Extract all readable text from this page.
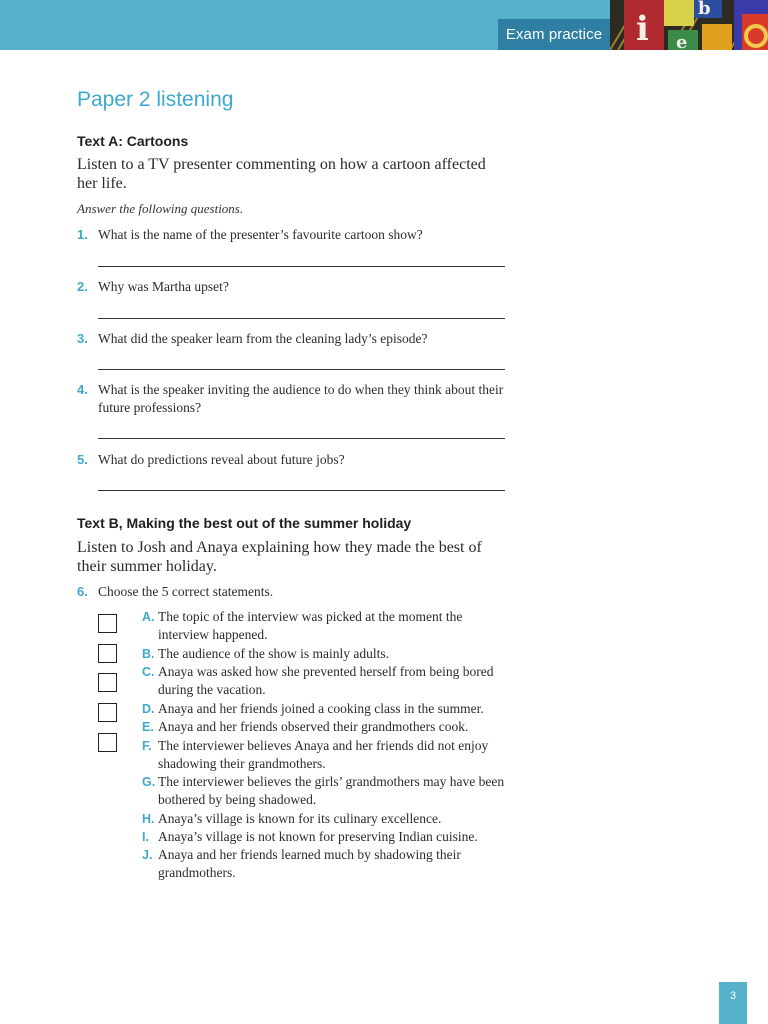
Exam practice i
b
e
Paper 2 listening
Text A: Cartoons

Listen to a TV presenter commenting on how a cartoon affected her life.

Answer the following questions.

1. What is the name of the presenter’s favourite cartoon show?
2. Why was Martha upset?
3. What did the speaker learn from the cleaning lady’s episode?
4. What is the speaker inviting the audience to do when they think about their future professions?
5. What do predictions reveal about future jobs?
Text B, Making the best out of the summer holiday

Listen to Josh and Anaya explaining how they made the best of their summer holiday.

6. Choose the 5 correct statements.
A. The topic of the interview was picked at the moment the interview happened.
B. The audience of the show is mainly adults.
C. Anaya was asked how she prevented herself from being bored during the vacation.
D. Anaya and her friends joined a cooking class in the summer.
E. Anaya and her friends observed their grandmothers cook.
F. The interviewer believes Anaya and her friends did not enjoy shadowing their grandmothers.
G. The interviewer believes the girls’ grandmothers may have been bothered by being shadowed.
H. Anaya’s village is known for its culinary excellence.
I. Anaya’s village is not known for preserving Indian cuisine.
J. Anaya and her friends learned much by shadowing their grandmothers.
3
